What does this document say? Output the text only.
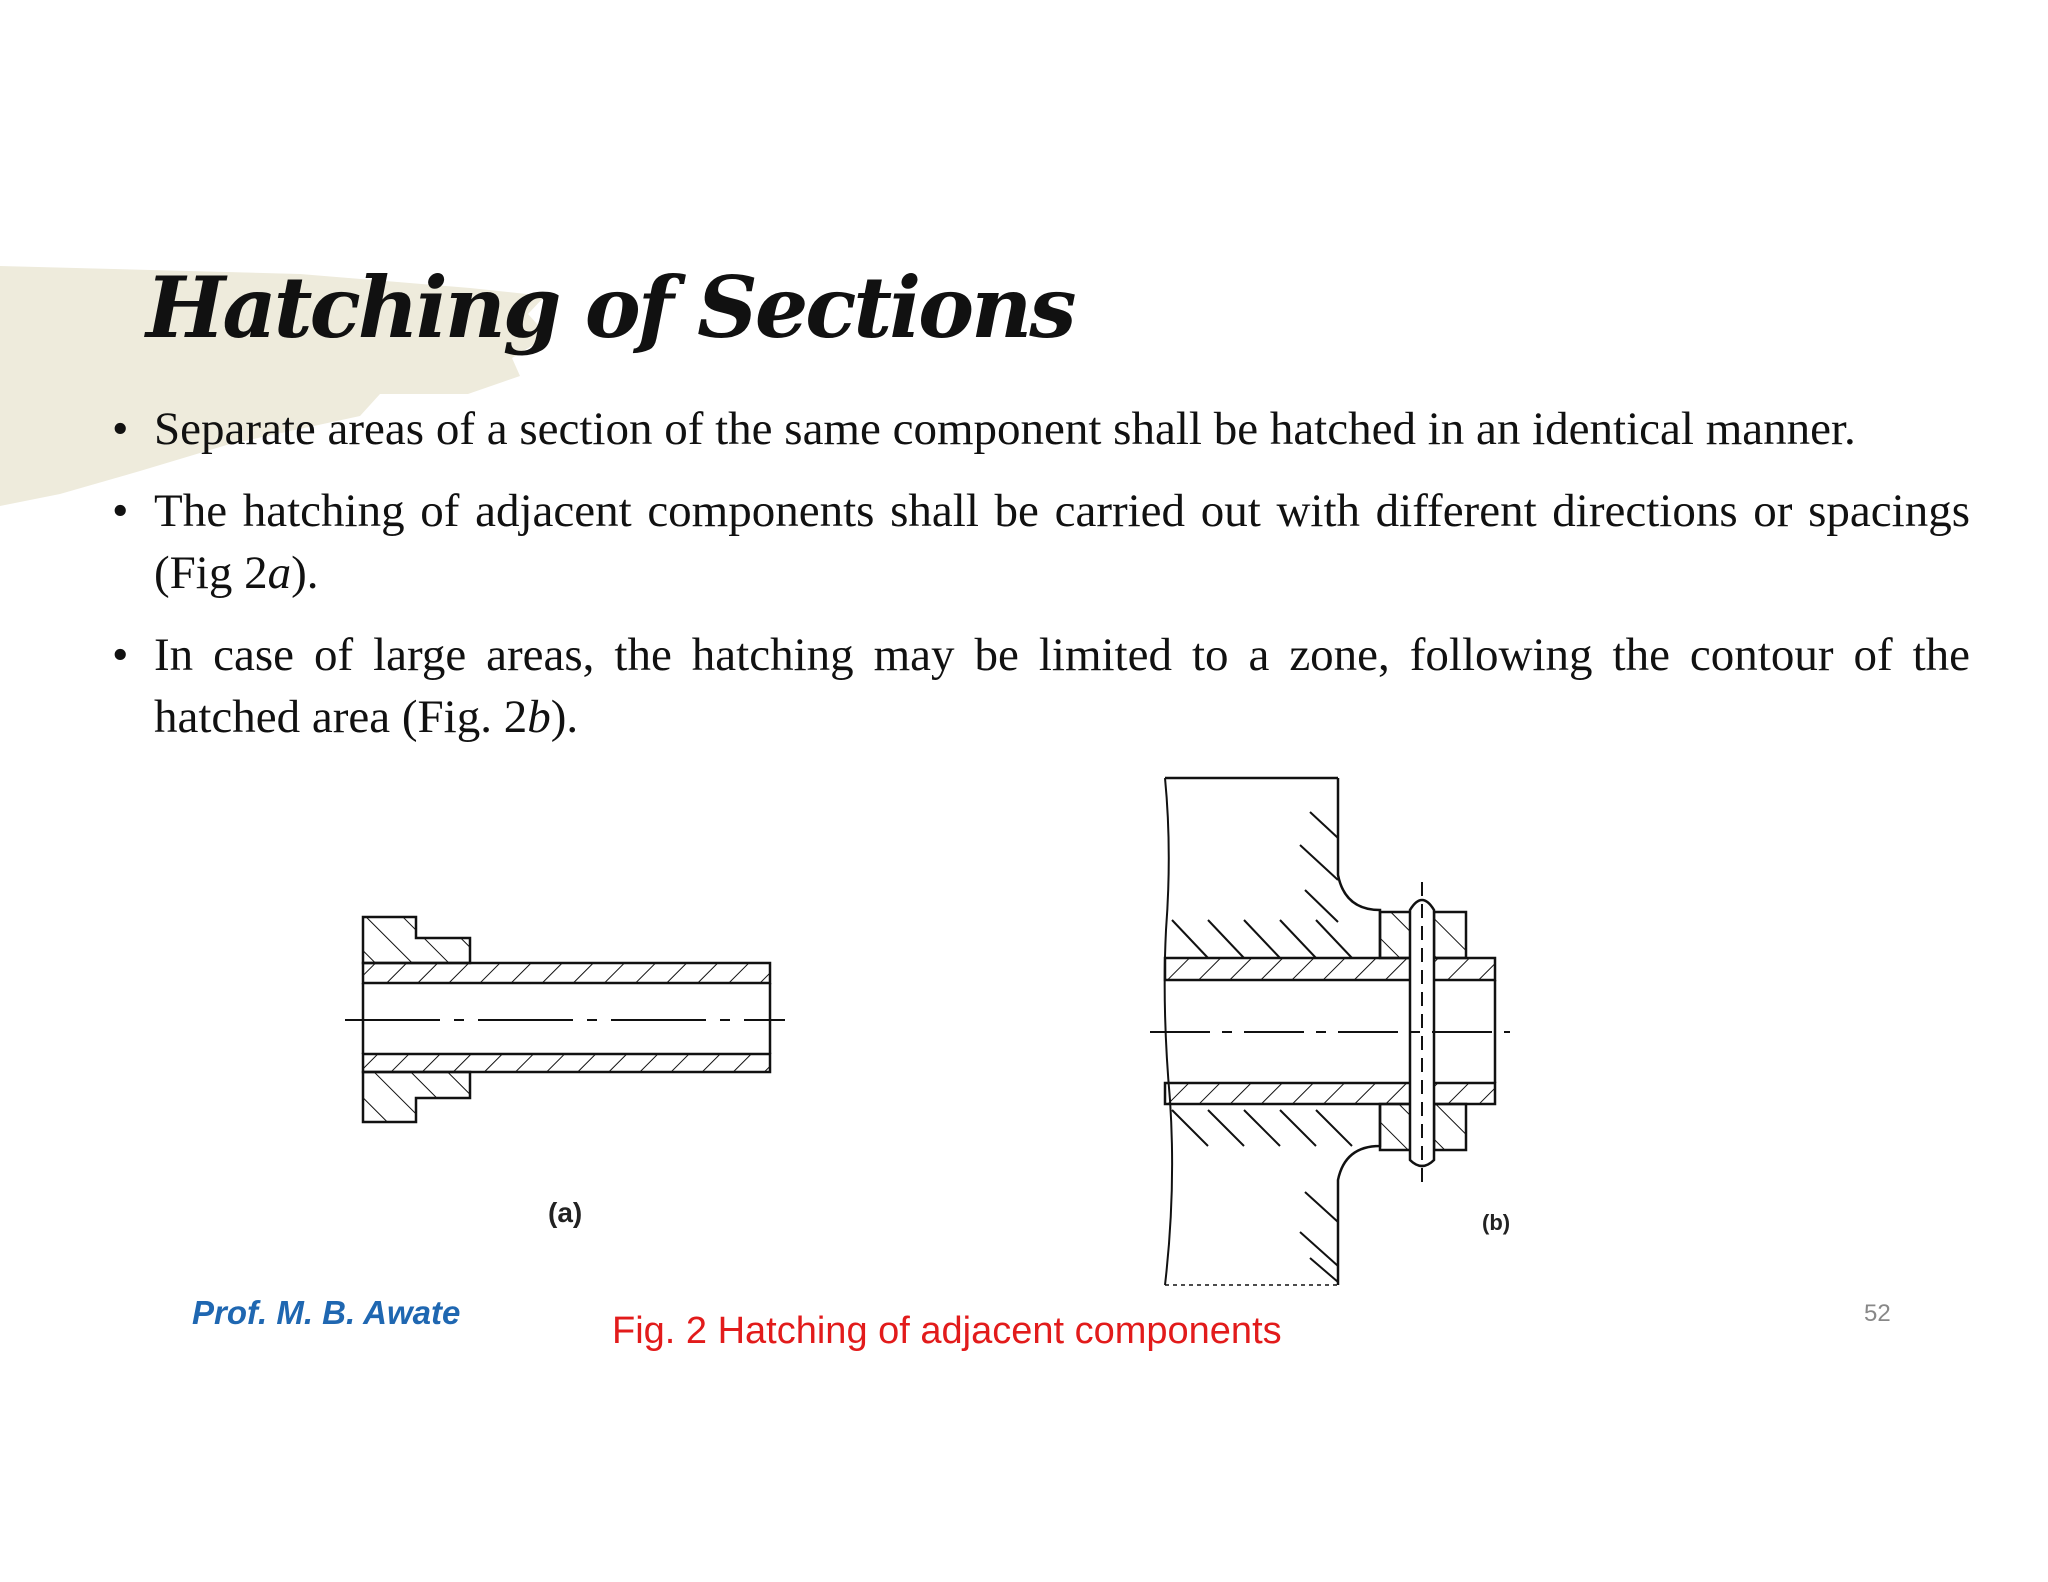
Hatching of Sections
• Separate areas of a section of the same component shall be hatched in an identical manner.
• The hatching of adjacent components shall be carried out with different directions or spacings (Fig 2a).
• In case of large areas, the hatching may be limited to a zone, following the contour of the hatched area (Fig. 2b).
(a)	(b)
Prof. M. B. Awate	Fig. 2 Hatching of adjacent components	52
